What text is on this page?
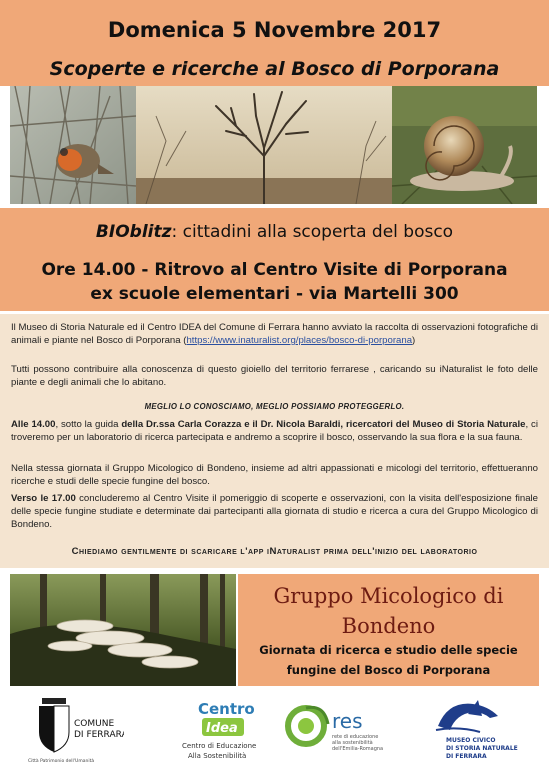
Domenica 5 Novembre 2017
Scoperte e ricerche al Bosco di Porporana
BIOblitz: cittadini alla scoperta del bosco
Ore 14.00 - Ritrovo al Centro Visite di Porporana
ex scuole elementari - via Martelli 300
Il Museo di Storia Naturale ed il Centro IDEA del Comune di Ferrara hanno avviato la raccolta di osservazioni fotografiche di animali e piante nel Bosco di Porporana (https://www.inaturalist.org/places/bosco-di-porporana)
Tutti possono contribuire alla conoscenza di questo gioiello del territorio ferrarese , caricando su iNaturalist le foto delle piante e degli animali che lo abitano.
MEGLIO LO CONOSCIAMO, MEGLIO POSSIAMO PROTEGGERLO.
Alle 14.00, sotto la guida della Dr.ssa Carla Corazza e il Dr. Nicola Baraldi, ricercatori del Museo di Storia Naturale, ci troveremo per un laboratorio di ricerca partecipata e andremo a scoprire il bosco, osservando la sua flora e la sua fauna.
Nella stessa giornata il Gruppo Micologico di Bondeno, insieme ad altri appassionati e micologi del territorio, effettueranno ricerche e studi delle specie fungine del bosco.
Verso le 17.00 concluderemo al Centro Visite il pomeriggio di scoperte e osservazioni, con la visita dell'esposizione finale delle specie fungine studiate e determinate dai partecipanti alla giornata di studio e ricerca a cura del Gruppo Micologico di Bondeno.
Chiediamo gentilmente di scaricare l'app iNaturalist prima dell'inizio del laboratorio
Gruppo Micologico di
Bondeno
Giornata di ricerca e studio delle specie
fungine del Bosco di Porporana
COMUNE
DI FERRARA
Città Patrimonio dell'Umanità
Centro
Idea
Centro di Educazione
Alla Sostenibilità
res
rete di educazione
alla sostenibilità
dell'Emilia-Romagna
MUSEO CIVICO
DI STORIA NATURALE
DI FERRARA
